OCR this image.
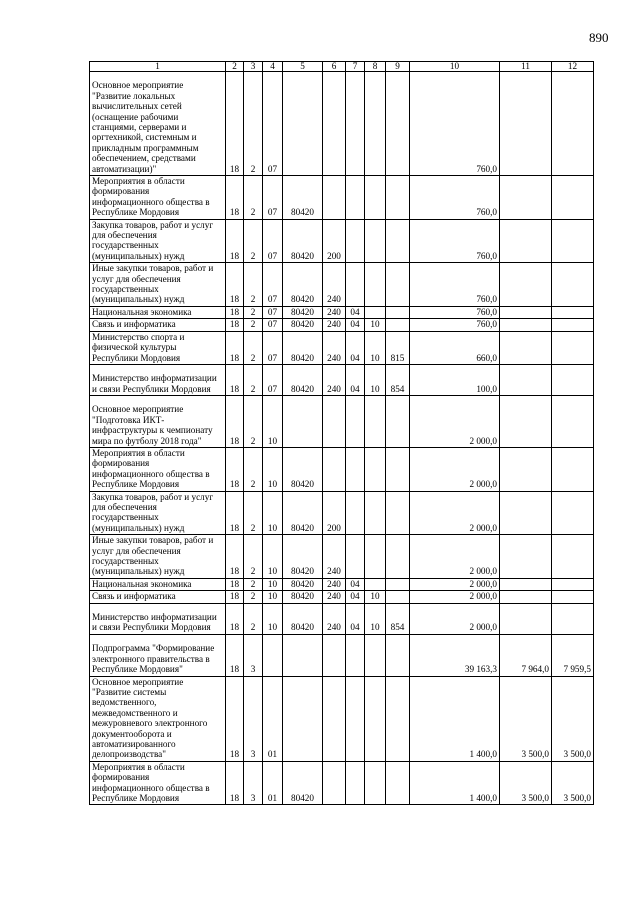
890
1	2	3	4	5	6	7	8	9	10	11	12
Основное мероприятие "Развитие локальных вычислительных сетей (оснащение рабочими станциями, серверами и оргтехникой, системным и прикладным программным обеспечением, средствами автоматизации)"	18	2	07						760,0		
Мероприятия в области формирования информационного общества в Республике Мордовия	18	2	07	80420					760,0		
Закупка товаров, работ и услуг для обеспечения государственных (муниципальных) нужд	18	2	07	80420	200				760,0		
Иные закупки товаров, работ и услуг для обеспечения государственных (муниципальных) нужд	18	2	07	80420	240				760,0		
Национальная экономика	18	2	07	80420	240	04			760,0		
Связь и информатика	18	2	07	80420	240	04	10		760,0		
Министерство спорта и физической культуры Республики Мордовия	18	2	07	80420	240	04	10	815	660,0		
Министерство информатизации и связи Республики Мордовия	18	2	07	80420	240	04	10	854	100,0		
Основное мероприятие "Подготовка ИКТ-инфраструктуры к чемпионату мира по футболу 2018 года"	18	2	10						2 000,0		
Мероприятия в области формирования информационного общества в Республике Мордовия	18	2	10	80420					2 000,0		
Закупка товаров, работ и услуг для обеспечения государственных (муниципальных) нужд	18	2	10	80420	200				2 000,0		
Иные закупки товаров, работ и услуг для обеспечения государственных (муниципальных) нужд	18	2	10	80420	240				2 000,0		
Национальная экономика	18	2	10	80420	240	04			2 000,0		
Связь и информатика	18	2	10	80420	240	04	10		2 000,0		
Министерство информатизации и связи Республики Мордовия	18	2	10	80420	240	04	10	854	2 000,0		
Подпрограмма "Формирование электронного правительства в Республике Мордовия"	18	3							39 163,3	7 964,0	7 959,5
Основное мероприятие "Развитие системы ведомственного, межведомственного и межуровневого электронного документооборота и автоматизированного делопроизводства"	18	3	01						1 400,0	3 500,0	3 500,0
Мероприятия в области формирования информационного общества в Республике Мордовия	18	3	01	80420					1 400,0	3 500,0	3 500,0
